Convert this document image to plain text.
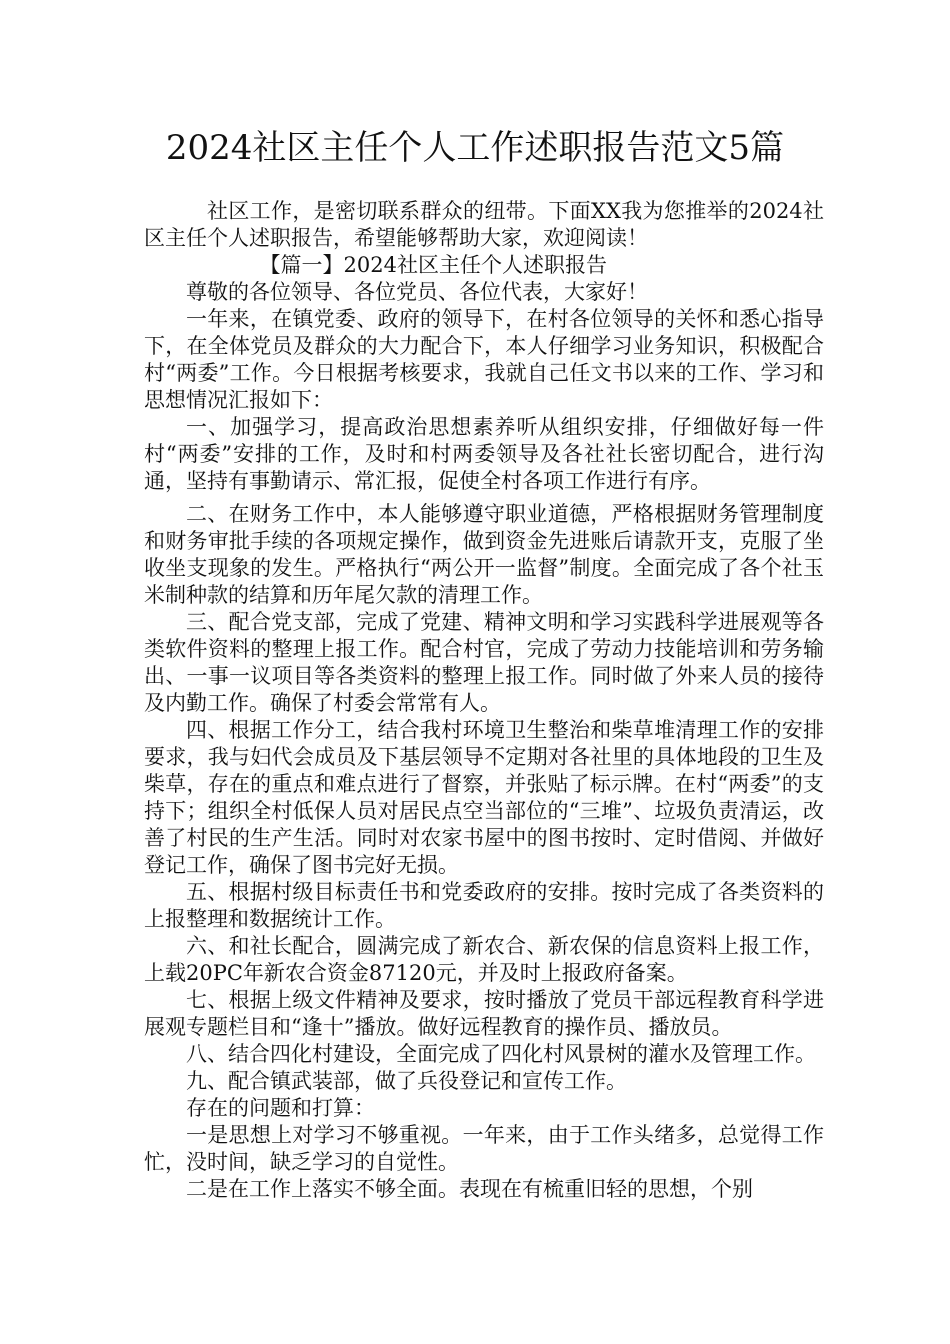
2024社区主任个人工作述职报告范文5篇

社区工作，是密切联系群众的纽带。下面XX我为您推举的2024社区主任个人述职报告，希望能够帮助大家，欢迎阅读！

【篇一】2024社区主任个人述职报告

尊敬的各位领导、各位党员、各位代表，大家好！

一年来，在镇党委、政府的领导下，在村各位领导的关怀和悉心指导下，在全体党员及群众的大力配合下，本人仔细学习业务知识，积极配合村“两委”工作。今日根据考核要求，我就自己任文书以来的工作、学习和思想情况汇报如下：

一、加强学习，提高政治思想素养听从组织安排，仔细做好每一件村“两委”安排的工作，及时和村两委领导及各社社长密切配合，进行沟通，坚持有事勤请示、常汇报，促使全村各项工作进行有序。

二、在财务工作中，本人能够遵守职业道德，严格根据财务管理制度和财务审批手续的各项规定操作，做到资金先进账后请款开支，克服了坐收坐支现象的发生。严格执行“两公开一监督”制度。全面完成了各个社玉米制种款的结算和历年尾欠款的清理工作。

三、配合党支部，完成了党建、精神文明和学习实践科学进展观等各类软件资料的整理上报工作。配合村官，完成了劳动力技能培训和劳务输出、一事一议项目等各类资料的整理上报工作。同时做了外来人员的接待及内勤工作。确保了村委会常常有人。

四、根据工作分工，结合我村环境卫生整治和柴草堆清理工作的安排要求，我与妇代会成员及下基层领导不定期对各社里的具体地段的卫生及柴草，存在的重点和难点进行了督察，并张贴了标示牌。在村“两委”的支持下；组织全村低保人员对居民点空当部位的“三堆”、垃圾负责清运，改善了村民的生产生活。同时对农家书屋中的图书按时、定时借阅、并做好登记工作，确保了图书完好无损。

五、根据村级目标责任书和党委政府的安排。按时完成了各类资料的上报整理和数据统计工作。

六、和社长配合，圆满完成了新农合、新农保的信息资料上报工作，上载20PC年新农合资金87120元，并及时上报政府备案。

七、根据上级文件精神及要求，按时播放了党员干部远程教育科学进展观专题栏目和“逢十”播放。做好远程教育的操作员、播放员。

八、结合四化村建设，全面完成了四化村风景树的灌水及管理工作。

九、配合镇武装部，做了兵役登记和宣传工作。

存在的问题和打算：

一是思想上对学习不够重视。一年来，由于工作头绪多，总觉得工作忙，没时间，缺乏学习的自觉性。

二是在工作上落实不够全面。表现在有梳重旧轻的思想，个别
